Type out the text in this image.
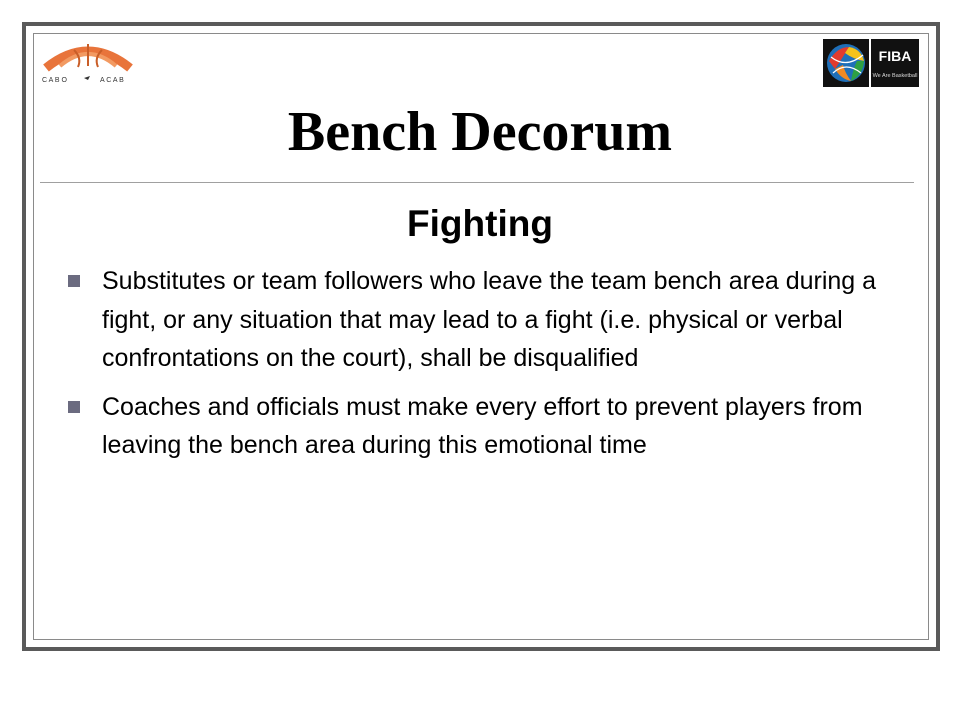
C A B O	A C A B
FIBA
We Are Basketball
Bench Decorum
Fighting
Substitutes or team followers who leave the team bench area during a fight, or any situation that may lead to a fight (i.e. physical or verbal confrontations on the court), shall be disqualified
Coaches and officials must make every effort to prevent players from leaving the bench area during this emotional time
